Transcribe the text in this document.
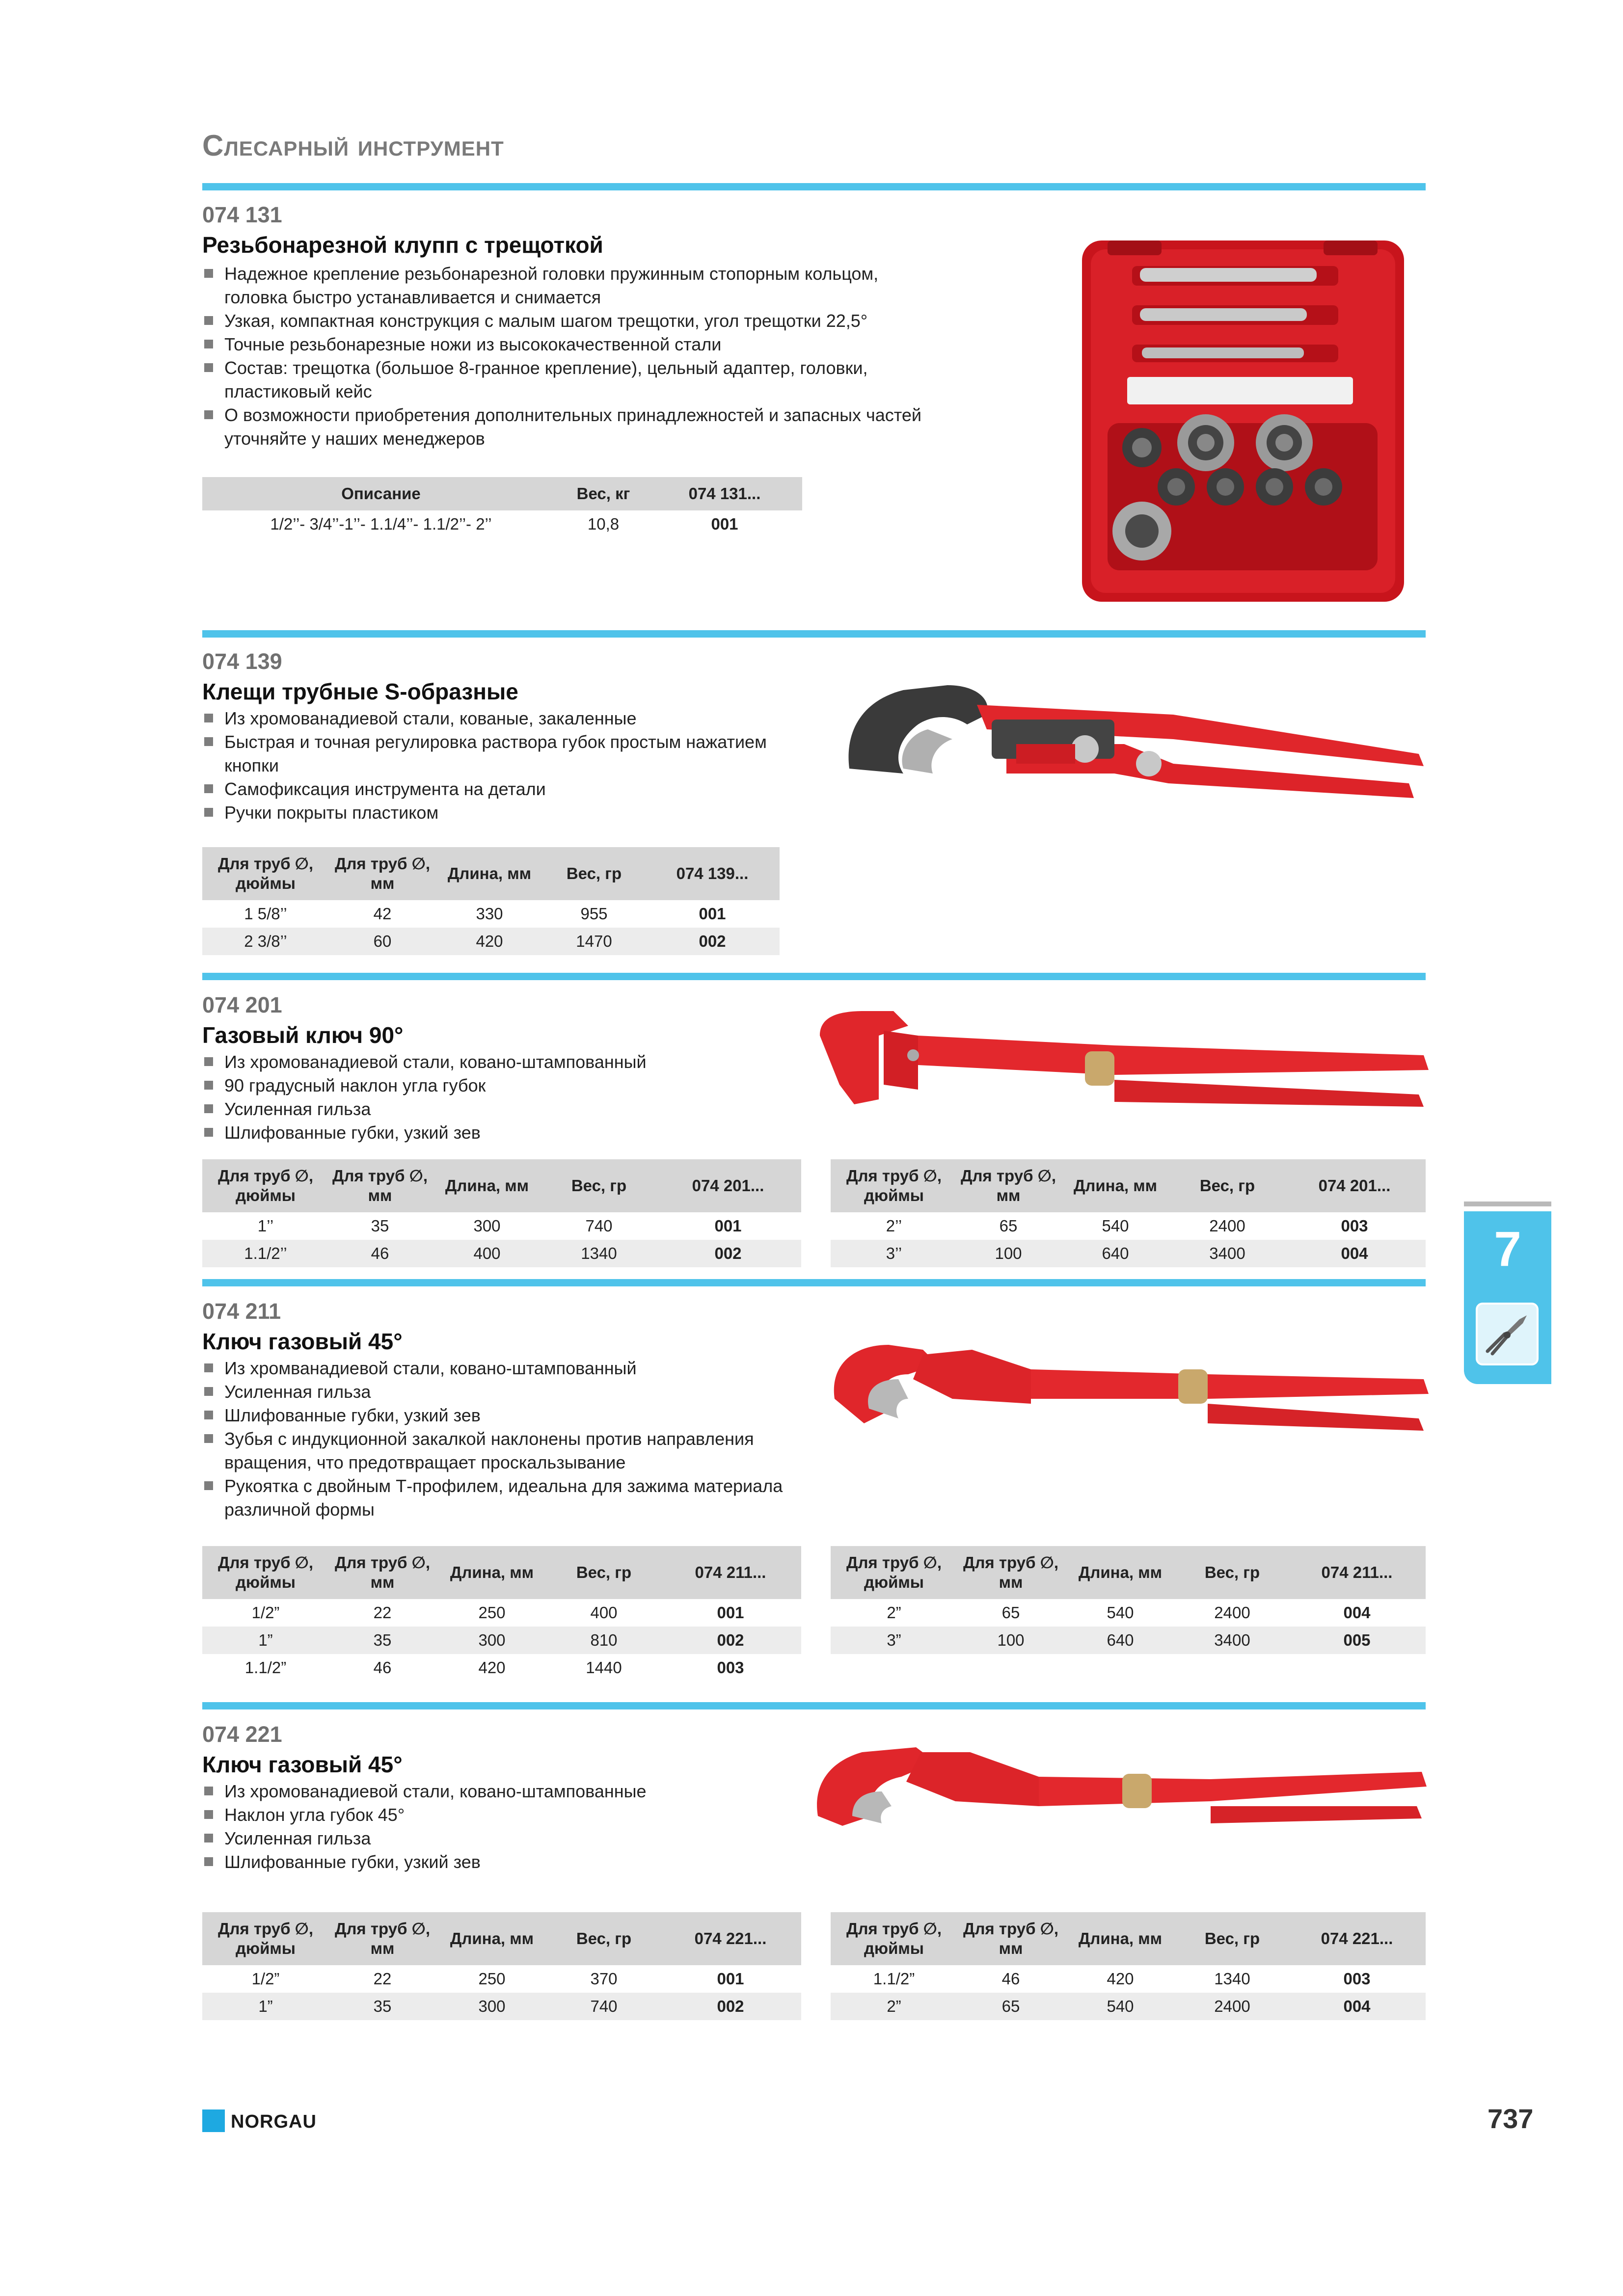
Слесарный инструмент
074 131
Резьбонарезной клупп с трещоткой
Надежное крепление резьбонарезной головки пружинным стопорным кольцом, головка быстро устанавливается и снимается
Узкая, компактная конструкция с малым шагом трещотки, угол трещотки 22,5°
Точные резьбонарезные ножи из высококачественной стали
Состав: трещотка (большое 8-гранное крепление), цельный адаптер, головки, пластиковый кейс
О возможности приобретения дополнительных принадлежностей и запасных частей уточняйте у наших менеджеров
Описание	Вес, кг	074 131...
1/2’’- 3/4’’-1’’- 1.1/4’’- 1.1/2’’- 2’’	10,8	001
074 139
Клещи трубные S-образные
Из хромованадиевой стали, кованые, закаленные
Быстрая и точная регулировка раствора губок простым нажатием кнопки
Самофиксация инструмента на детали
Ручки покрыты пластиком
Для труб ∅, дюймы	Для труб ∅, мм	Длина, мм	Вес, гр	074 139...
1 5/8’’	42	330	955	001
2 3/8’’	60	420	1470	002
074 201
Газовый ключ 90°
Из хромованадиевой стали, ковано-штампованный
90 градусный наклон угла губок
Усиленная гильза
Шлифованные губки, узкий зев
Для труб ∅, дюймы	Для труб ∅, мм	Длина, мм	Вес, гр	074 201...
1’’	35	300	740	001
1.1/2’’	46	400	1340	002
Для труб ∅, дюймы	Для труб ∅, мм	Длина, мм	Вес, гр	074 201...
2’’	65	540	2400	003
3’’	100	640	3400	004
074 211
Ключ газовый 45°
Из хромванадиевой стали, ковано-штампованный
Усиленная гильза
Шлифованные губки, узкий зев
Зубья с индукционной закалкой наклонены против направления вращения, что предотвращает проскальзывание
Рукоятка с двойным Т-профилем, идеальна для зажима материала различной формы
Для труб ∅, дюймы	Для труб ∅, мм	Длина, мм	Вес, гр	074 211...
1/2”	22	250	400	001
1”	35	300	810	002
1.1/2”	46	420	1440	003
Для труб ∅, дюймы	Для труб ∅, мм	Длина, мм	Вес, гр	074 211...
2”	65	540	2400	004
3”	100	640	3400	005
074 221
Ключ газовый 45°
Из хромованадиевой стали, ковано-штампованные
Наклон угла губок 45°
Усиленная гильза
Шлифованные губки, узкий зев
Для труб ∅, дюймы	Для труб ∅, мм	Длина, мм	Вес, гр	074 221...
1/2”	22	250	370	001
1”	35	300	740	002
Для труб ∅, дюймы	Для труб ∅, мм	Длина, мм	Вес, гр	074 221...
1.1/2”	46	420	1340	003
2”	65	540	2400	004
7
NORGAU	737
